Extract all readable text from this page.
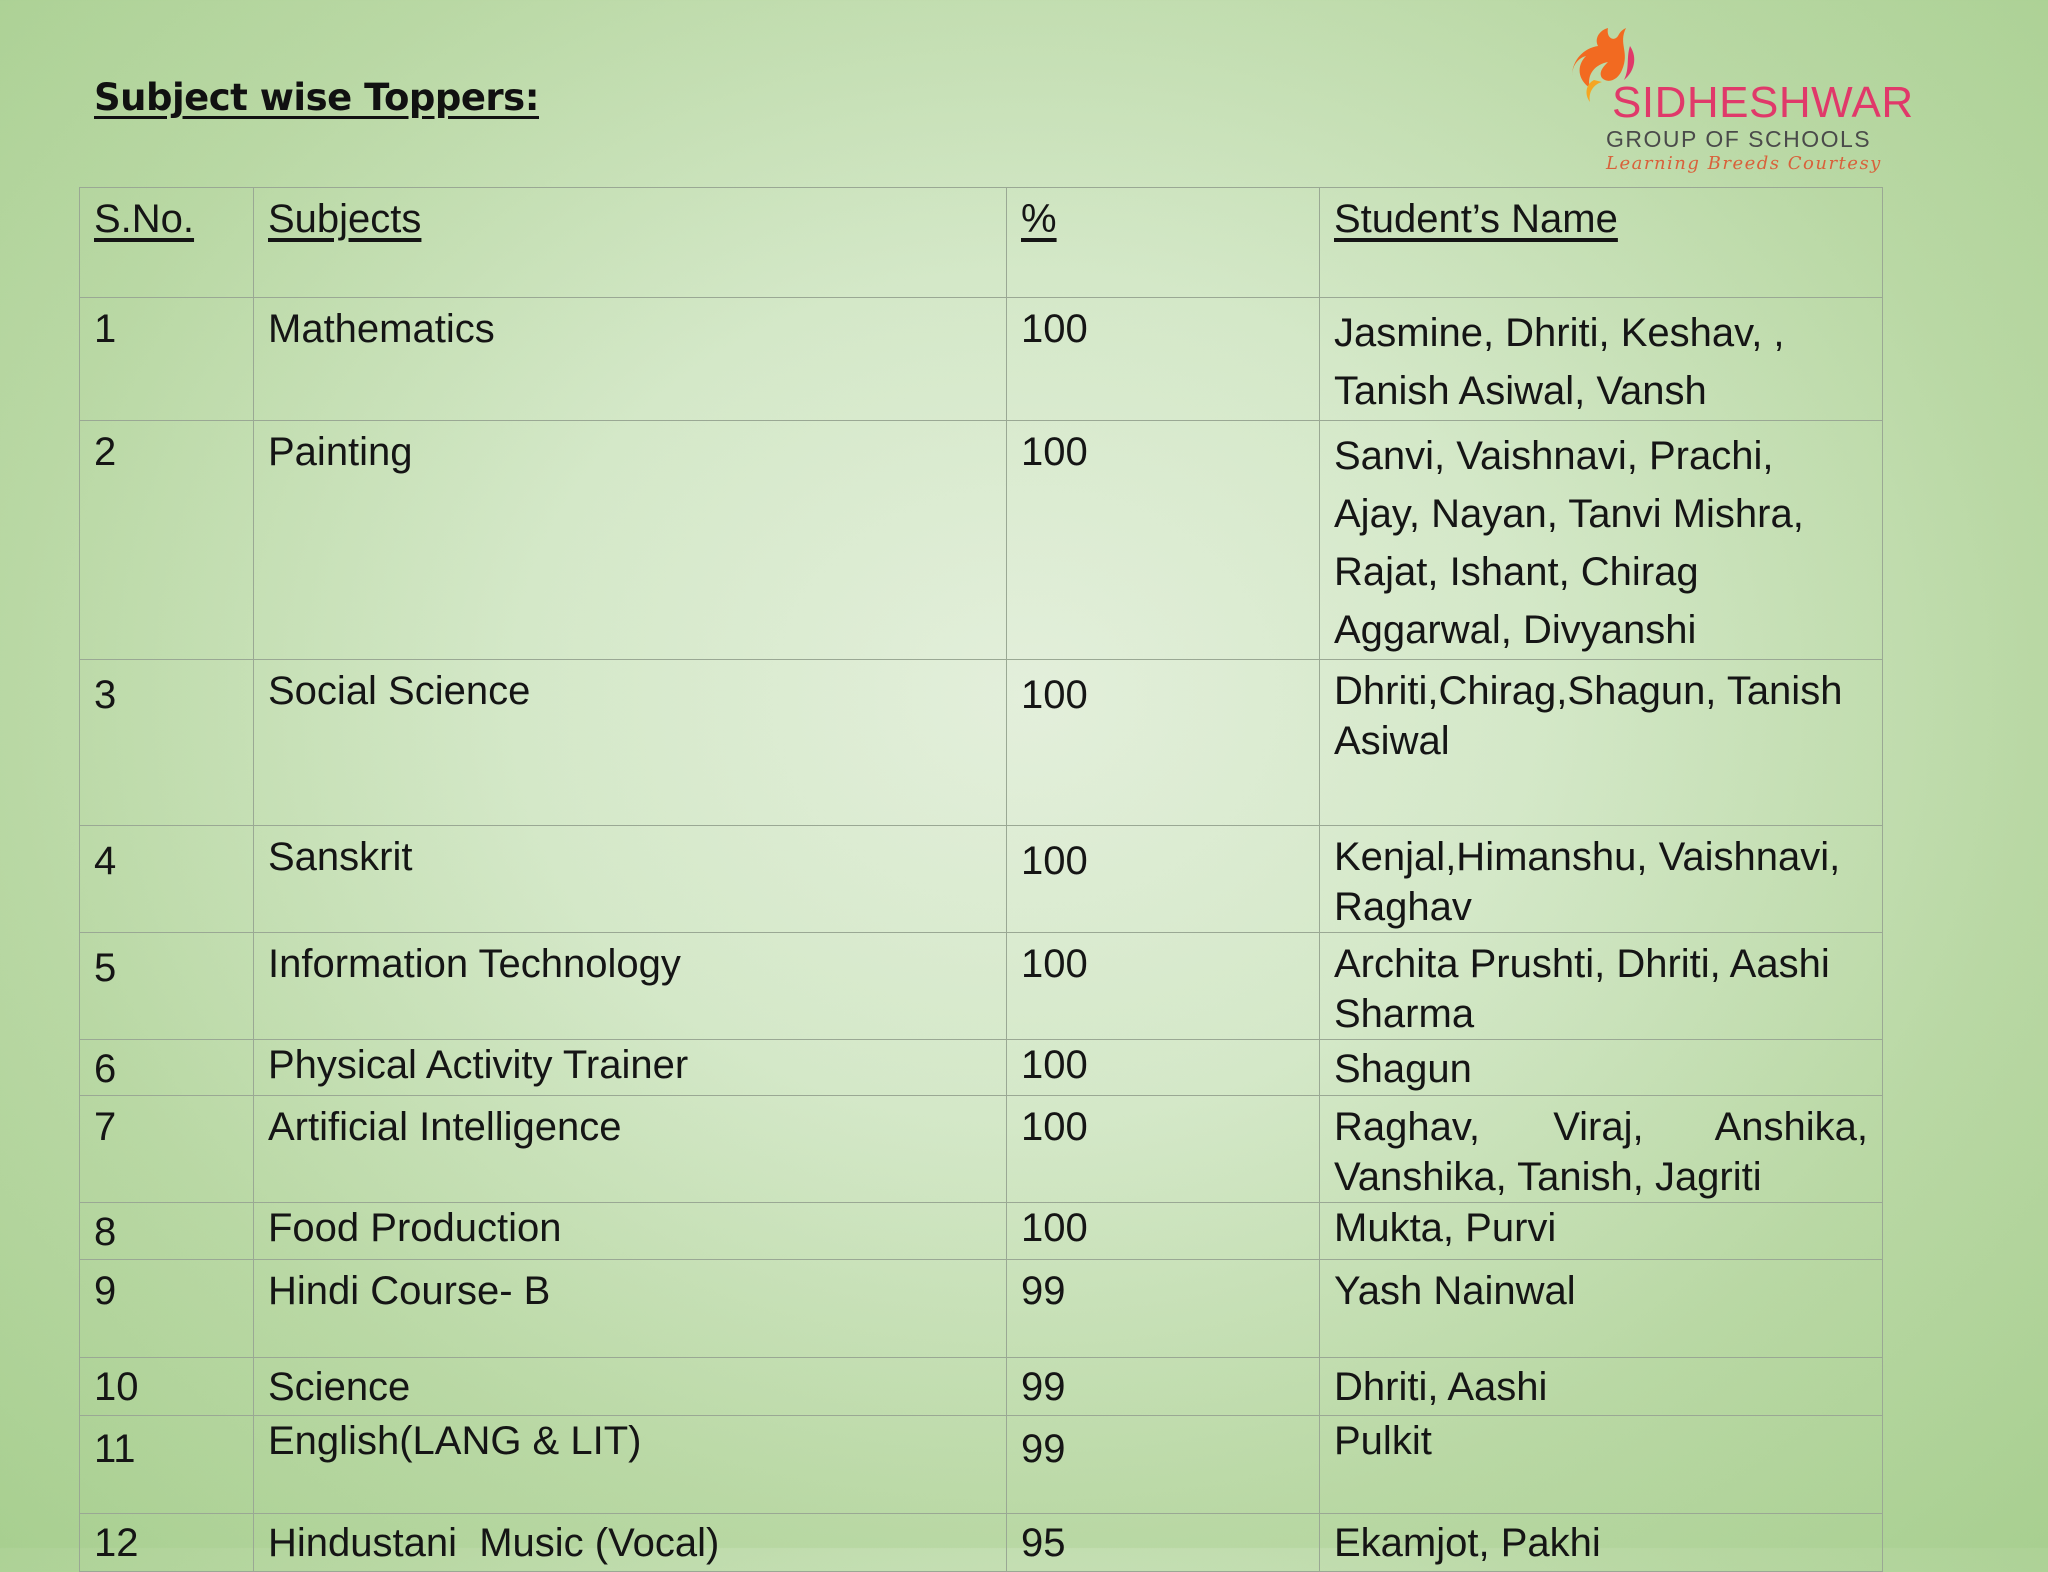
Subject wise Toppers:	SIDHESHWAR
GROUP OF SCHOOLS
Learning Breeds Courtesy
S.No.	Subjects	%	Student’s Name
1	Mathematics	100	Jasmine, Dhriti, Keshav, , Tanish Asiwal, Vansh
2	Painting	100	Sanvi, Vaishnavi, Prachi, Ajay, Nayan, Tanvi Mishra, Rajat, Ishant, Chirag Aggarwal, Divyanshi
3	Social Science	100	Dhriti,Chirag,Shagun, Tanish Asiwal
4	Sanskrit	100	Kenjal,Himanshu, Vaishnavi, Raghav
5	Information Technology	100	Archita Prushti, Dhriti, Aashi Sharma
6	Physical Activity Trainer	100	Shagun
7	Artificial Intelligence	100	Raghav, Viraj, Anshika, Vanshika, Tanish, Jagriti
8	Food Production	100	Mukta, Purvi
9	Hindi Course- B	99	Yash Nainwal
10	Science	99	Dhriti, Aashi
11	English(LANG & LIT)	99	Pulkit
12	Hindustani  Music (Vocal)	95	Ekamjot, Pakhi
